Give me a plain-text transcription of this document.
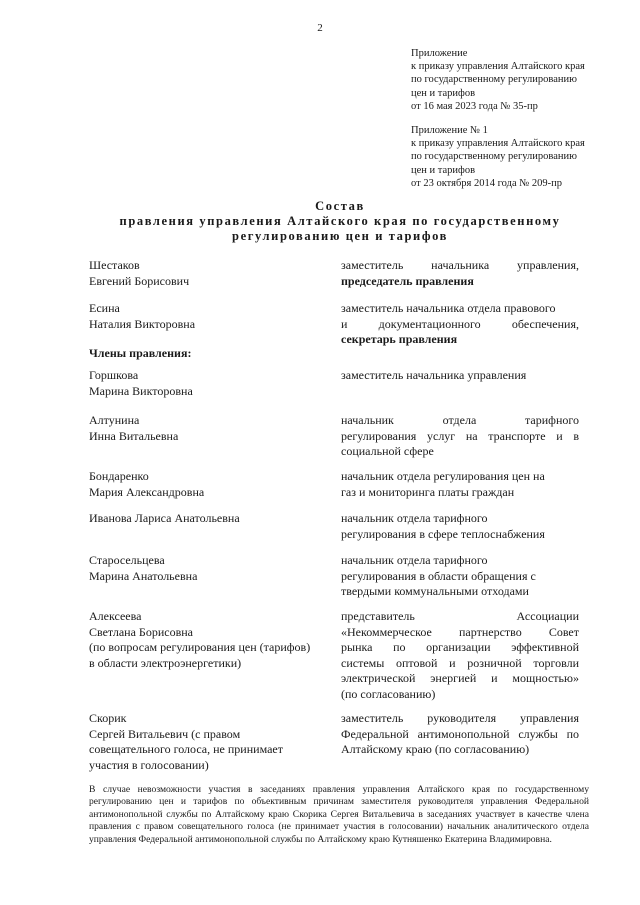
2
Приложение
к приказу управления Алтайского края
по государственному регулированию
цен и тарифов
от 16 мая 2023 года № 35-пр
Приложение № 1
к приказу управления Алтайского края
по государственному регулированию
цен и тарифов
от 23 октября 2014 года № 209-пр
Состав
правления управления Алтайского края по государственному
регулированию цен и тарифов
Шестаков
Евгений Борисович
заместитель начальника управления,
председатель правления
Есина
Наталия Викторовна
заместитель начальника отдела правового
и документационного обеспечения,
секретарь правления
Члены правления:
Горшкова
Марина Викторовна
заместитель начальника управления
Алтунина
Инна Витальевна
начальник отдела тарифного
регулирования услуг на транспорте и в
социальной сфере
Бондаренко
Мария Александровна
начальник отдела регулирования цен на
газ и мониторинга платы граждан
Иванова Лариса Анатольевна	начальник отдела тарифного
регулирования в сфере теплоснабжения
Старосельцева
Марина Анатольевна
начальник отдела тарифного
регулирования в области обращения с
твердыми коммунальными отходами
Алексеева
Светлана Борисовна
(по вопросам регулирования цен (тарифов)
в области электроэнергетики)
представитель Ассоциации
«Некоммерческое партнерство Совет
рынка по организации эффективной
системы оптовой и розничной торговли
электрической энергией и мощностью»
(по согласованию)
Скорик
Сергей Витальевич (с правом
совещательного голоса, не принимает
участия в голосовании)
заместитель руководителя управления
Федеральной антимонопольной службы по
Алтайскому краю (по согласованию)
В случае невозможности участия в заседаниях правления управления Алтайского края по государственному регулированию цен и тарифов по объективным причинам заместителя руководителя управления Федеральной антимонопольной службы по Алтайскому краю Скорика Сергея Витальевича в заседаниях участвует в качестве члена правления с правом совещательного голоса (не принимает участия в голосовании) начальник аналитического отдела управления Федеральной антимонопольной службы по Алтайскому краю Кутняшенко Екатерина Владимировна.
